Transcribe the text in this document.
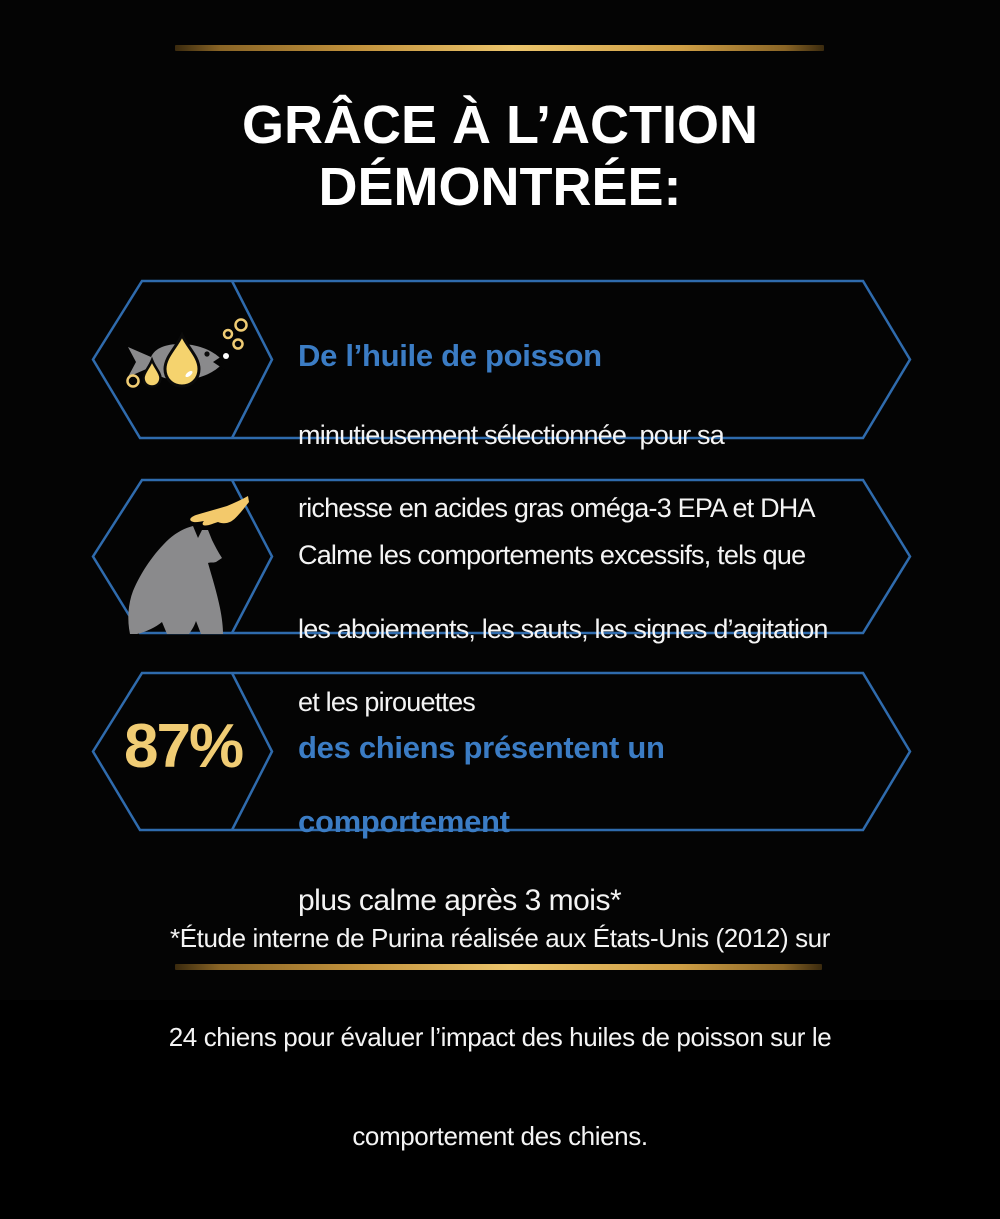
GRÂCE À L’ACTION
DÉMONTRÉE:

De l’huile de poisson

minutieusement sélectionnée  pour sa

richesse en acides gras oméga-3 EPA et DHA

Calme les comportements excessifs, tels que

les aboiements, les sauts, les signes d’agitation

et les pirouettes

87%

des chiens présentent un

comportement

plus calme après 3 mois*

*Étude interne de Purina réalisée aux États-Unis (2012) sur

24 chiens pour évaluer l’impact des huiles de poisson sur le

comportement des chiens.
